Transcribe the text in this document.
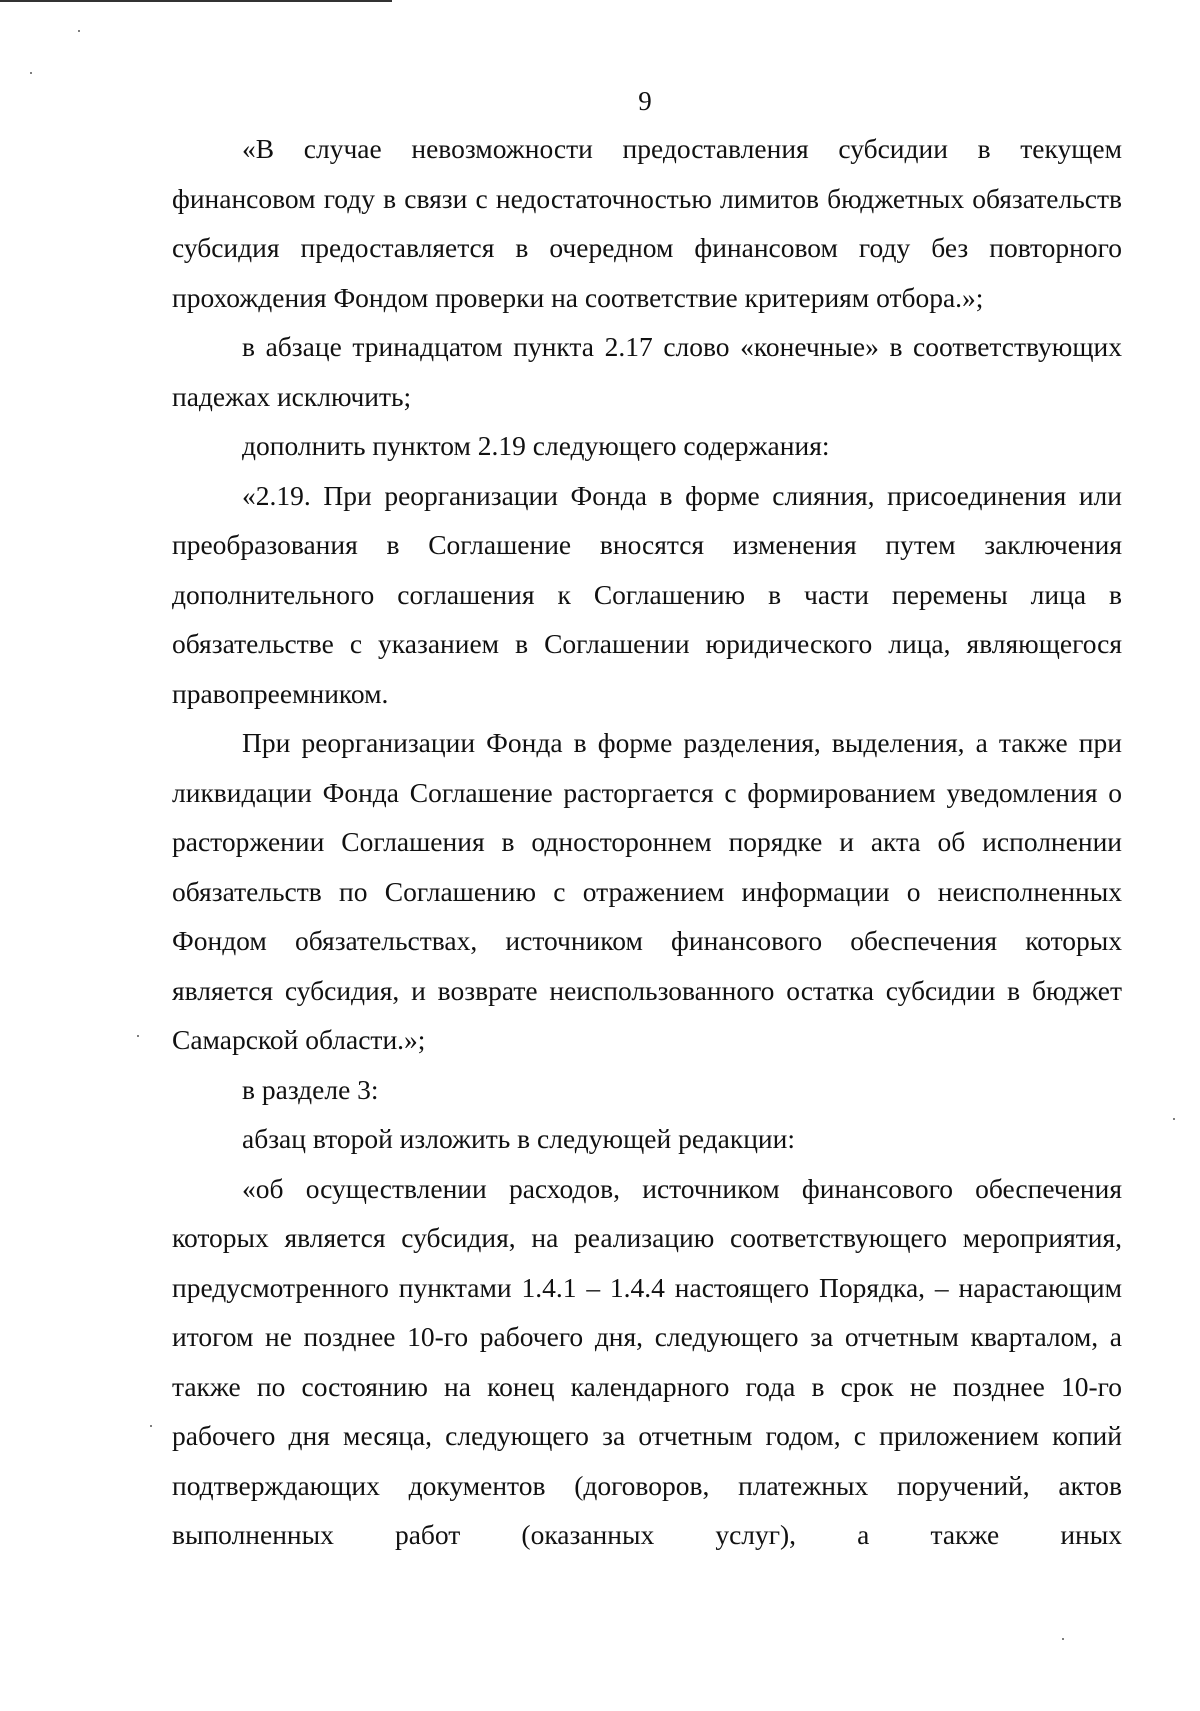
9

«В случае невозможности предоставления субсидии в текущем финансовом году в связи с недостаточностью лимитов бюджетных обязательств субсидия предоставляется в очередном финансовом году без повторного прохождения Фондом проверки на соответствие критериям отбора.»;

в абзаце тринадцатом пункта 2.17 слово «конечные» в соответствующих падежах исключить;

дополнить пунктом 2.19 следующего содержания:

«2.19. При реорганизации Фонда в форме слияния, присоединения или преобразования в Соглашение вносятся изменения путем заключения дополнительного соглашения к Соглашению в части перемены лица в обязательстве с указанием в Соглашении юридического лица, являющегося правопреемником.

При реорганизации Фонда в форме разделения, выделения, а также при ликвидации Фонда Соглашение расторгается с формированием уведомления о расторжении Соглашения в одностороннем порядке и акта об исполнении обязательств по Соглашению с отражением информации о неисполненных Фондом обязательствах, источником финансового обеспечения которых является субсидия, и возврате неиспользованного остатка субсидии в бюджет Самарской области.»;

в разделе 3:

абзац второй изложить в следующей редакции:

«об осуществлении расходов, источником финансового обеспечения которых является субсидия, на реализацию соответствующего мероприятия, предусмотренного пунктами 1.4.1 – 1.4.4 настоящего Порядка, – нарастающим итогом не позднее 10-го рабочего дня, следующего за отчетным кварталом, а также по состоянию на конец календарного года в срок не позднее 10-го рабочего дня месяца, следующего за отчетным годом, с приложением копий подтверждающих документов (договоров, платежных поручений, актов выполненных работ (оказанных услуг), а также иных
